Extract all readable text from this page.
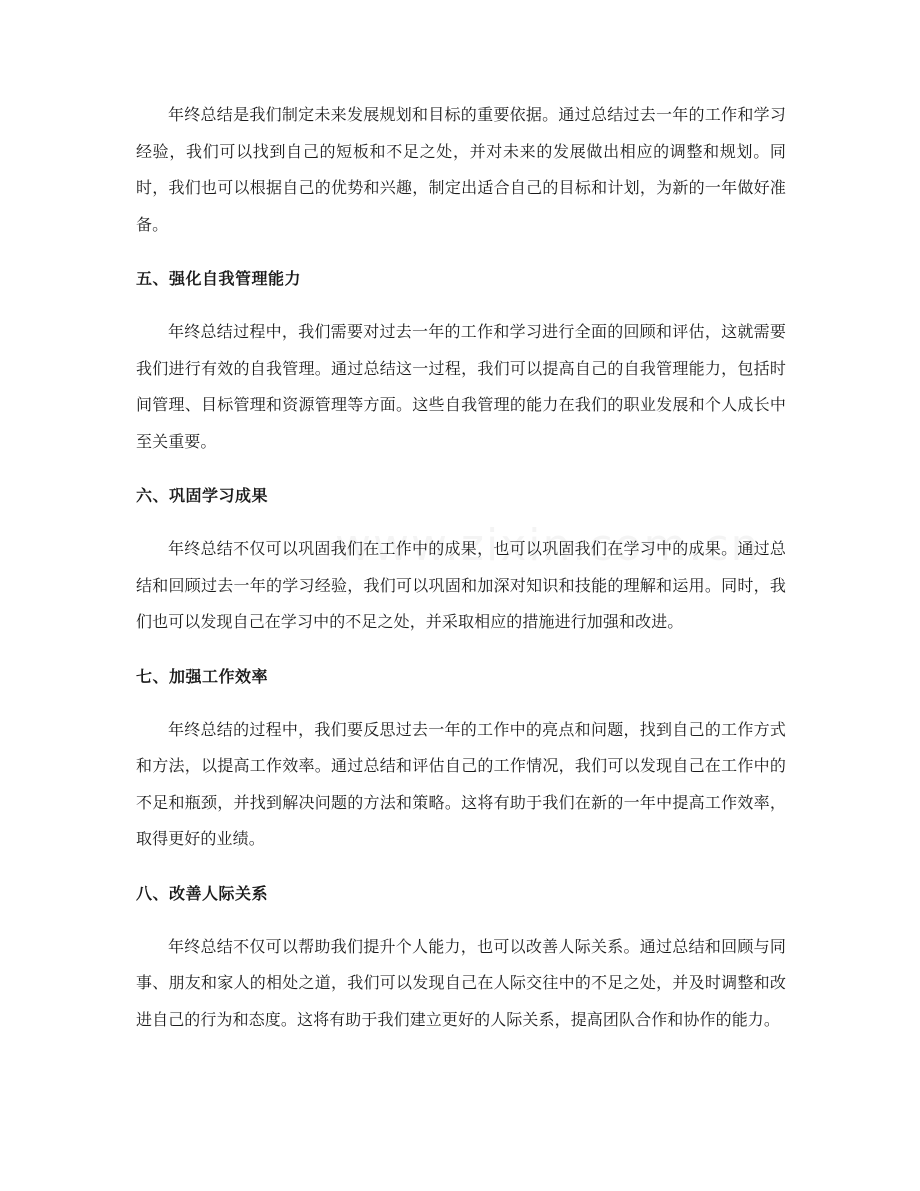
年终总结是我们制定未来发展规划和目标的重要依据。通过总结过去一年的工作和学习经验，我们可以找到自己的短板和不足之处，并对未来的发展做出相应的调整和规划。同时，我们也可以根据自己的优势和兴趣，制定出适合自己的目标和计划，为新的一年做好准备。

五、强化自我管理能力

年终总结过程中，我们需要对过去一年的工作和学习进行全面的回顾和评估，这就需要我们进行有效的自我管理。通过总结这一过程，我们可以提高自己的自我管理能力，包括时间管理、目标管理和资源管理等方面。这些自我管理的能力在我们的职业发展和个人成长中至关重要。

六、巩固学习成果

年终总结不仅可以巩固我们在工作中的成果，也可以巩固我们在学习中的成果。通过总结和回顾过去一年的学习经验，我们可以巩固和加深对知识和技能的理解和运用。同时，我们也可以发现自己在学习中的不足之处，并采取相应的措施进行加强和改进。

七、加强工作效率

年终总结的过程中，我们要反思过去一年的工作中的亮点和问题，找到自己的工作方式和方法，以提高工作效率。通过总结和评估自己的工作情况，我们可以发现自己在工作中的不足和瓶颈，并找到解决问题的方法和策略。这将有助于我们在新的一年中提高工作效率，取得更好的业绩。

八、改善人际关系

年终总结不仅可以帮助我们提升个人能力，也可以改善人际关系。通过总结和回顾与同事、朋友和家人的相处之道，我们可以发现自己在人际交往中的不足之处，并及时调整和改进自己的行为和态度。这将有助于我们建立更好的人际关系，提高团队合作和协作的能力。
